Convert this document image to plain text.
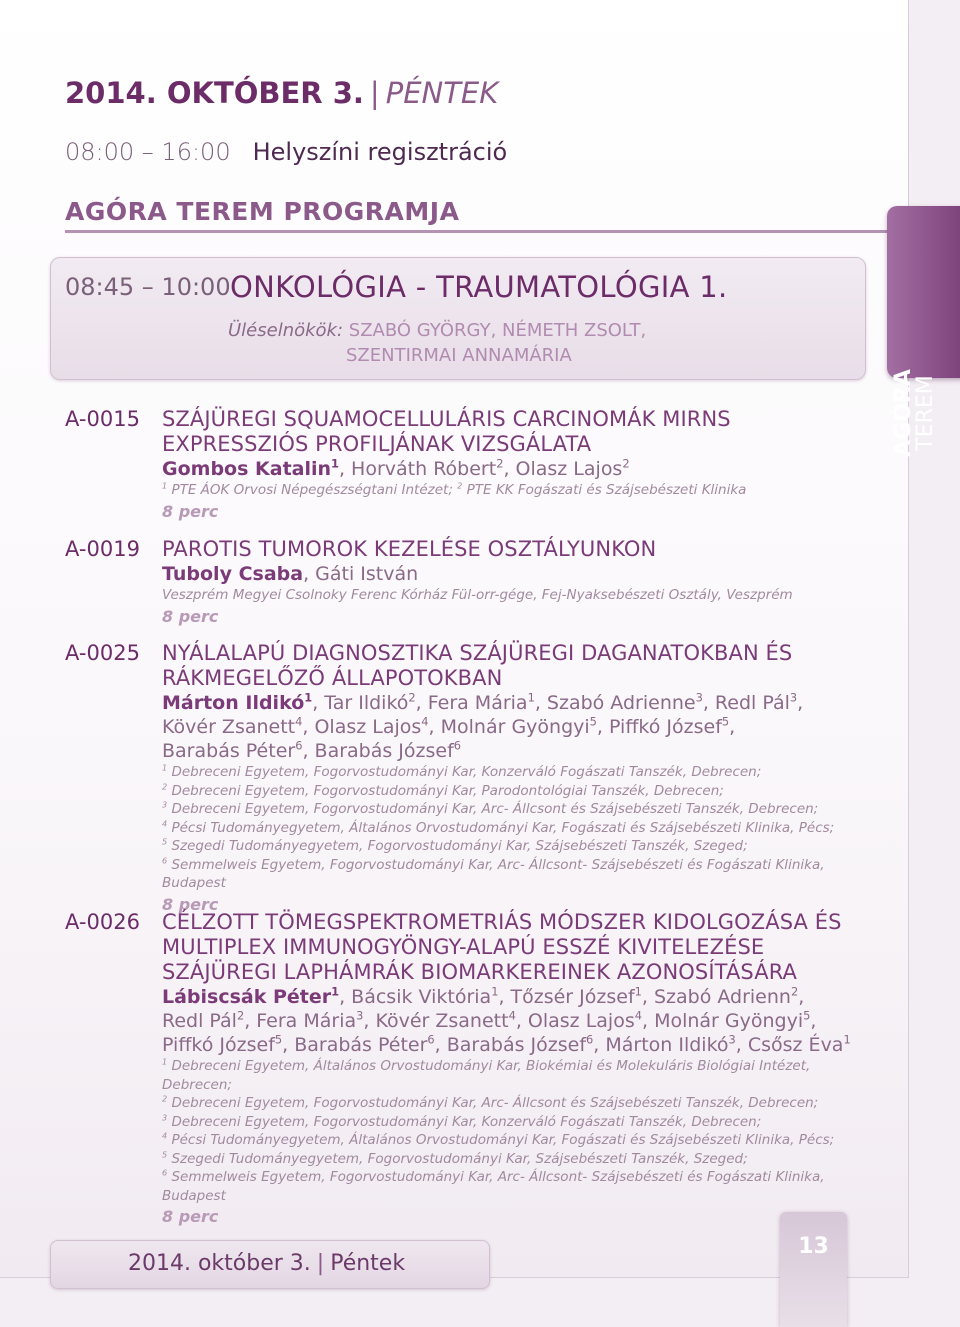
2014. OKTÓBER 3. | PÉNTEK
08:00 – 16:00 Helyszíni regisztráció
AGÓRA TEREM PROGRAMJA
AGÓRA
TEREM
08:45 – 10:00 ONKOLÓGIA - TRAUMATOLÓGIA 1.
Üléselnökök: SZABÓ GYÖRGY, NÉMETH ZSOLT,
SZENTIRMAI ANNAMÁRIA
A-0015 SZÁJÜREGI SQUAMOCELLULÁRIS CARCINOMÁK MIRNS EXPRESSZIÓS PROFILJÁNAK VIZSGÁLATA
Gombos Katalin$^1$, Horváth Róbert$^2$, Olasz Lajos$^2$
$^1$ PTE ÁOK Orvosi Népegészségtani Intézet; $^2$ PTE KK Fogászati és Szájsebészeti Klinika
8 perc
A-0019 PAROTIS TUMOROK KEZELÉSE OSZTÁLYUNKON
Tuboly Csaba, Gáti István
Veszprém Megyei Csolnoky Ferenc Kórház Fül-orr-gége, Fej-Nyaksebészeti Osztály, Veszprém
8 perc
A-0025 NYÁLALAPÚ DIAGNOSZTIKA SZÁJÜREGI DAGANATOKBAN ÉS RÁKMEGELŐZŐ ÁLLAPOTOKBAN
Márton Ildikó$^1$, Tar Ildikó$^2$, Fera Mária$^1$, Szabó Adrienne$^3$, Redl Pál$^3$,
Kövér Zsanett$^4$, Olasz Lajos$^4$, Molnár Gyöngyi$^5$, Piffkó József$^5$,
Barabás Péter$^6$, Barabás József$^6$
$^1$ Debreceni Egyetem, Fogorvostudományi Kar, Konzerváló Fogászati Tanszék, Debrecen;
$^2$ Debreceni Egyetem, Fogorvostudományi Kar, Parodontológiai Tanszék, Debrecen;
$^3$ Debreceni Egyetem, Fogorvostudományi Kar, Arc- Állcsont és Szájsebészeti Tanszék, Debrecen;
$^4$ Pécsi Tudományegyetem, Általános Orvostudományi Kar, Fogászati és Szájsebészeti Klinika, Pécs;
$^5$ Szegedi Tudományegyetem, Fogorvostudományi Kar, Szájsebészeti Tanszék, Szeged;
$^6$ Semmelweis Egyetem, Fogorvostudományi Kar, Arc- Állcsont- Szájsebészeti és Fogászati Klinika, Budapest
8 perc
A-0026 CÉLZOTT TÖMEGSPEKTROMETRIÁS MÓDSZER KIDOLGOZÁSA ÉS MULTIPLEX IMMUNOGYÖNGY-ALAPÚ ESSZÉ KIVITELEZÉSE SZÁJÜREGI LAPHÁMRÁK BIOMARKEREINEK AZONOSÍTÁSÁRA
Lábiscsák Péter$^1$, Bácsik Viktória$^1$, Tőzsér József$^1$, Szabó Adrienn$^2$,
Redl Pál$^2$, Fera Mária$^3$, Kövér Zsanett$^4$, Olasz Lajos$^4$, Molnár Gyöngyi$^5$,
Piffkó József$^5$, Barabás Péter$^6$, Barabás József$^6$, Márton Ildikó$^3$, Csősz Éva$^1$
$^1$ Debreceni Egyetem, Általános Orvostudományi Kar, Biokémiai és Molekuláris Biológiai Intézet, Debrecen;
$^2$ Debreceni Egyetem, Fogorvostudományi Kar, Arc- Állcsont és Szájsebészeti Tanszék, Debrecen;
$^3$ Debreceni Egyetem, Fogorvostudományi Kar, Konzerváló Fogászati Tanszék, Debrecen;
$^4$ Pécsi Tudományegyetem, Általános Orvostudományi Kar, Fogászati és Szájsebészeti Klinika, Pécs;
$^5$ Szegedi Tudományegyetem, Fogorvostudományi Kar, Szájsebészeti Tanszék, Szeged;
$^6$ Semmelweis Egyetem, Fogorvostudományi Kar, Arc- Állcsont- Szájsebészeti és Fogászati Klinika, Budapest
8 perc
2014. október 3. | Péntek
13
